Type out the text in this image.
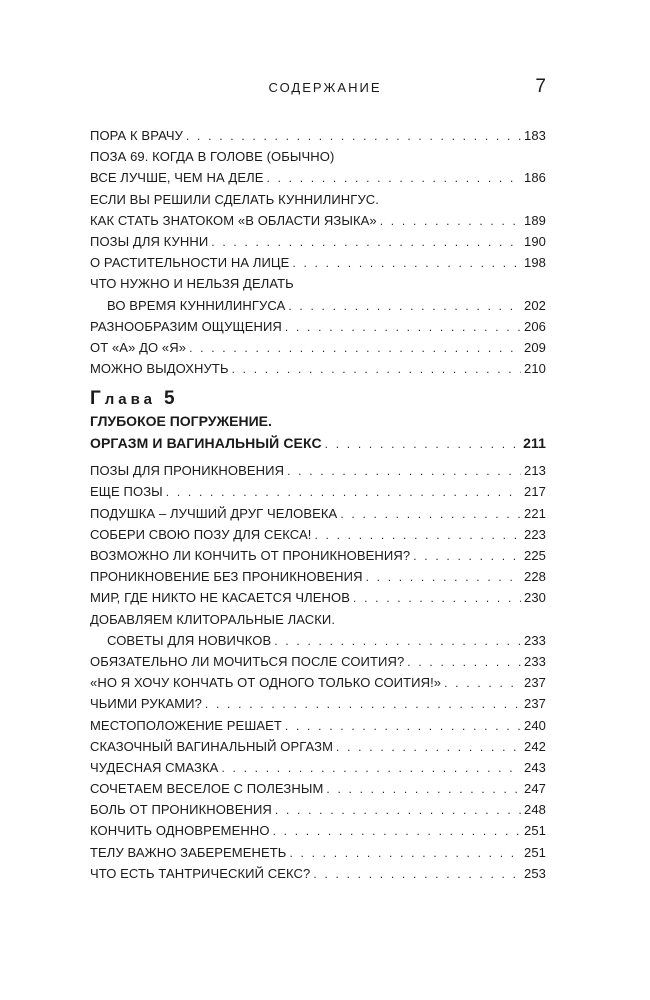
СОДЕРЖАНИЕ	7
ПОРА К ВРАЧУ . . .	183
ПОЗА 69. КОГДА В ГОЛОВЕ (ОБЫЧНО)
ВСЕ ЛУЧШЕ, ЧЕМ НА ДЕЛЕ . . .	186
ЕСЛИ ВЫ РЕШИЛИ СДЕЛАТЬ КУННИЛИНГУС.
КАК СТАТЬ ЗНАТОКОМ «В ОБЛАСТИ ЯЗЫКА» . . .	189
ПОЗЫ ДЛЯ КУННИ . . .	190
О РАСТИТЕЛЬНОСТИ НА ЛИЦЕ . . .	198
ЧТО НУЖНО И НЕЛЬЗЯ ДЕЛАТЬ
ВО ВРЕМЯ КУННИЛИНГУСА . . .	202
РАЗНООБРАЗИМ ОЩУЩЕНИЯ . . .	206
ОТ «А» ДО «Я» . . .	209
МОЖНО ВЫДОХНУТЬ . . .	210
Глава 5
ГЛУБОКОЕ ПОГРУЖЕНИЕ.
ОРГАЗМ И ВАГИНАЛЬНЫЙ СЕКС . . .	211
ПОЗЫ ДЛЯ ПРОНИКНОВЕНИЯ . . .	213
ЕЩЕ ПОЗЫ . . .	217
ПОДУШКА – ЛУЧШИЙ ДРУГ ЧЕЛОВЕКА . . .	221
СОБЕРИ СВОЮ ПОЗУ ДЛЯ СЕКСА! . . .	223
ВОЗМОЖНО ЛИ КОНЧИТЬ ОТ ПРОНИКНОВЕНИЯ? . . .	225
ПРОНИКНОВЕНИЕ БЕЗ ПРОНИКНОВЕНИЯ . . .	228
МИР, ГДЕ НИКТО НЕ КАСАЕТСЯ ЧЛЕНОВ . . .	230
ДОБАВЛЯЕМ КЛИТОРАЛЬНЫЕ ЛАСКИ.
СОВЕТЫ ДЛЯ НОВИЧКОВ . . .	233
ОБЯЗАТЕЛЬНО ЛИ МОЧИТЬСЯ ПОСЛЕ СОИТИЯ? . . .	233
«НО Я ХОЧУ КОНЧАТЬ ОТ ОДНОГО ТОЛЬКО СОИТИЯ!» . . .	237
ЧЬИМИ РУКАМИ? . . .	237
МЕСТОПОЛОЖЕНИЕ РЕШАЕТ . . .	240
СКАЗОЧНЫЙ ВАГИНАЛЬНЫЙ ОРГАЗМ . . .	242
ЧУДЕСНАЯ СМАЗКА . . .	243
СОЧЕТАЕМ ВЕСЕЛОЕ С ПОЛЕЗНЫМ . . .	247
БОЛЬ ОТ ПРОНИКНОВЕНИЯ . . .	248
КОНЧИТЬ ОДНОВРЕМЕННО . . .	251
ТЕЛУ ВАЖНО ЗАБЕРЕМЕНЕТЬ . . .	251
ЧТО ЕСТЬ ТАНТРИЧЕСКИЙ СЕКС? . . .	253
